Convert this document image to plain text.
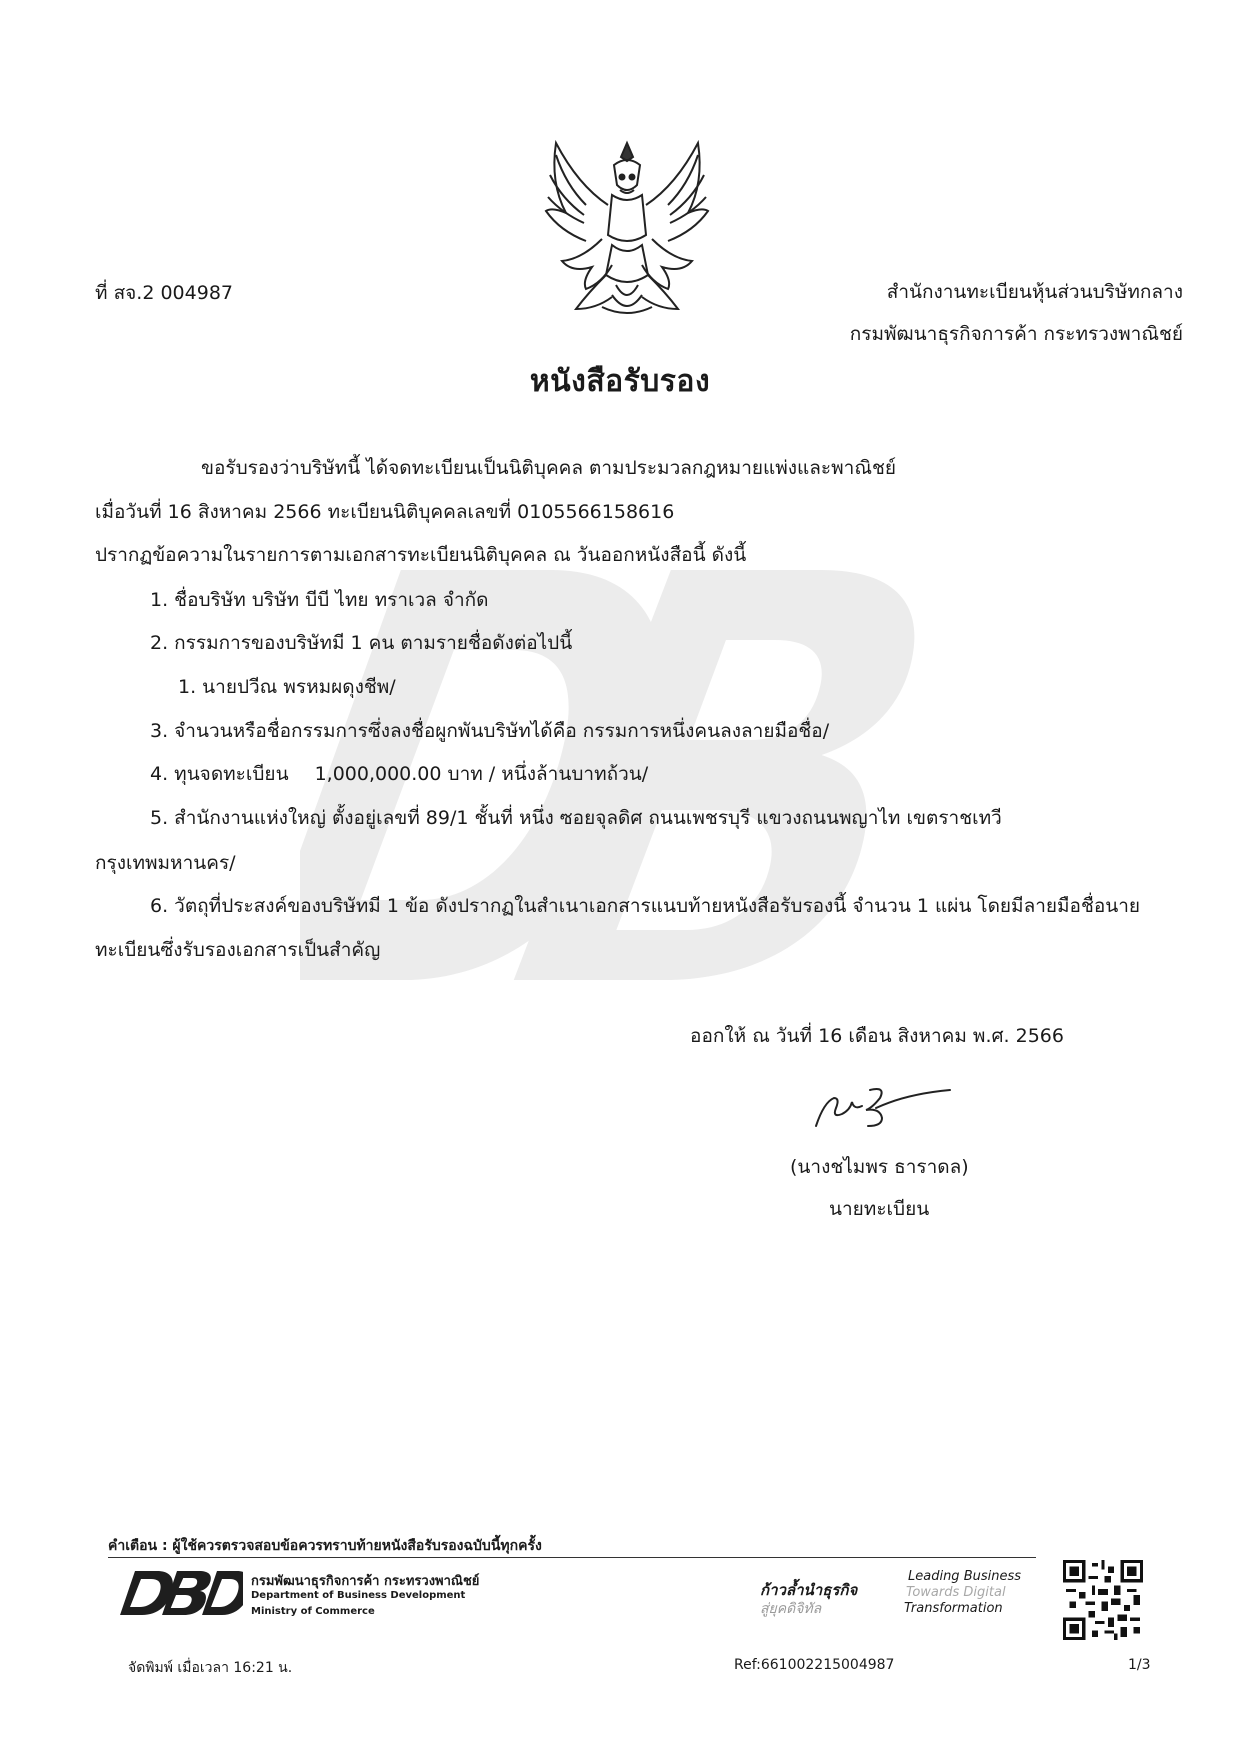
ที่ สจ.2 004987	สำนักงานทะเบียนหุ้นส่วนบริษัทกลาง
กรมพัฒนาธุรกิจการค้า กระทรวงพาณิชย์
หนังสือรับรอง
ขอรับรองว่าบริษัทนี้ ได้จดทะเบียนเป็นนิติบุคคล ตามประมวลกฎหมายแพ่งและพาณิชย์
เมื่อวันที่ 16 สิงหาคม 2566 ทะเบียนนิติบุคคลเลขที่ 0105566158616
ปรากฏข้อความในรายการตามเอกสารทะเบียนนิติบุคคล ณ วันออกหนังสือนี้ ดังนี้
1. ชื่อบริษัท บริษัท บีบี ไทย ทราเวล จำกัด
2. กรรมการของบริษัทมี 1 คน ตามรายชื่อดังต่อไปนี้
1. นายปวีณ พรหมผดุงชีพ/
3. จำนวนหรือชื่อกรรมการซึ่งลงชื่อผูกพันบริษัทได้คือ กรรมการหนึ่งคนลงลายมือชื่อ/
4. ทุนจดทะเบียน 1,000,000.00 บาท / หนึ่งล้านบาทถ้วน/
5. สำนักงานแห่งใหญ่ ตั้งอยู่เลขที่ 89/1 ชั้นที่ หนึ่ง ซอยจุลดิศ ถนนเพชรบุรี แขวงถนนพญาไท เขตราชเทวี
กรุงเทพมหานคร/
6. วัตถุที่ประสงค์ของบริษัทมี 1 ข้อ ดังปรากฏในสำเนาเอกสารแนบท้ายหนังสือรับรองนี้ จำนวน 1 แผ่น โดยมีลายมือชื่อนาย
ทะเบียนซึ่งรับรองเอกสารเป็นสำคัญ
ออกให้ ณ วันที่ 16 เดือน สิงหาคม พ.ศ. 2566
(นางชไมพร ธาราดล)
นายทะเบียน
คำเตือน : ผู้ใช้ควรตรวจสอบข้อควรทราบท้ายหนังสือรับรองฉบับนี้ทุกครั้ง
กรมพัฒนาธุรกิจการค้า กระทรวงพาณิชย์
Department of Business Development
Ministry of Commerce
ก้าวล้ำนำธุรกิจ
สู่ยุคดิจิทัล
Leading Business
Towards Digital
Transformation
จัดพิมพ์ เมื่อเวลา 16:21 น.	Ref:661002215004987	1/3
